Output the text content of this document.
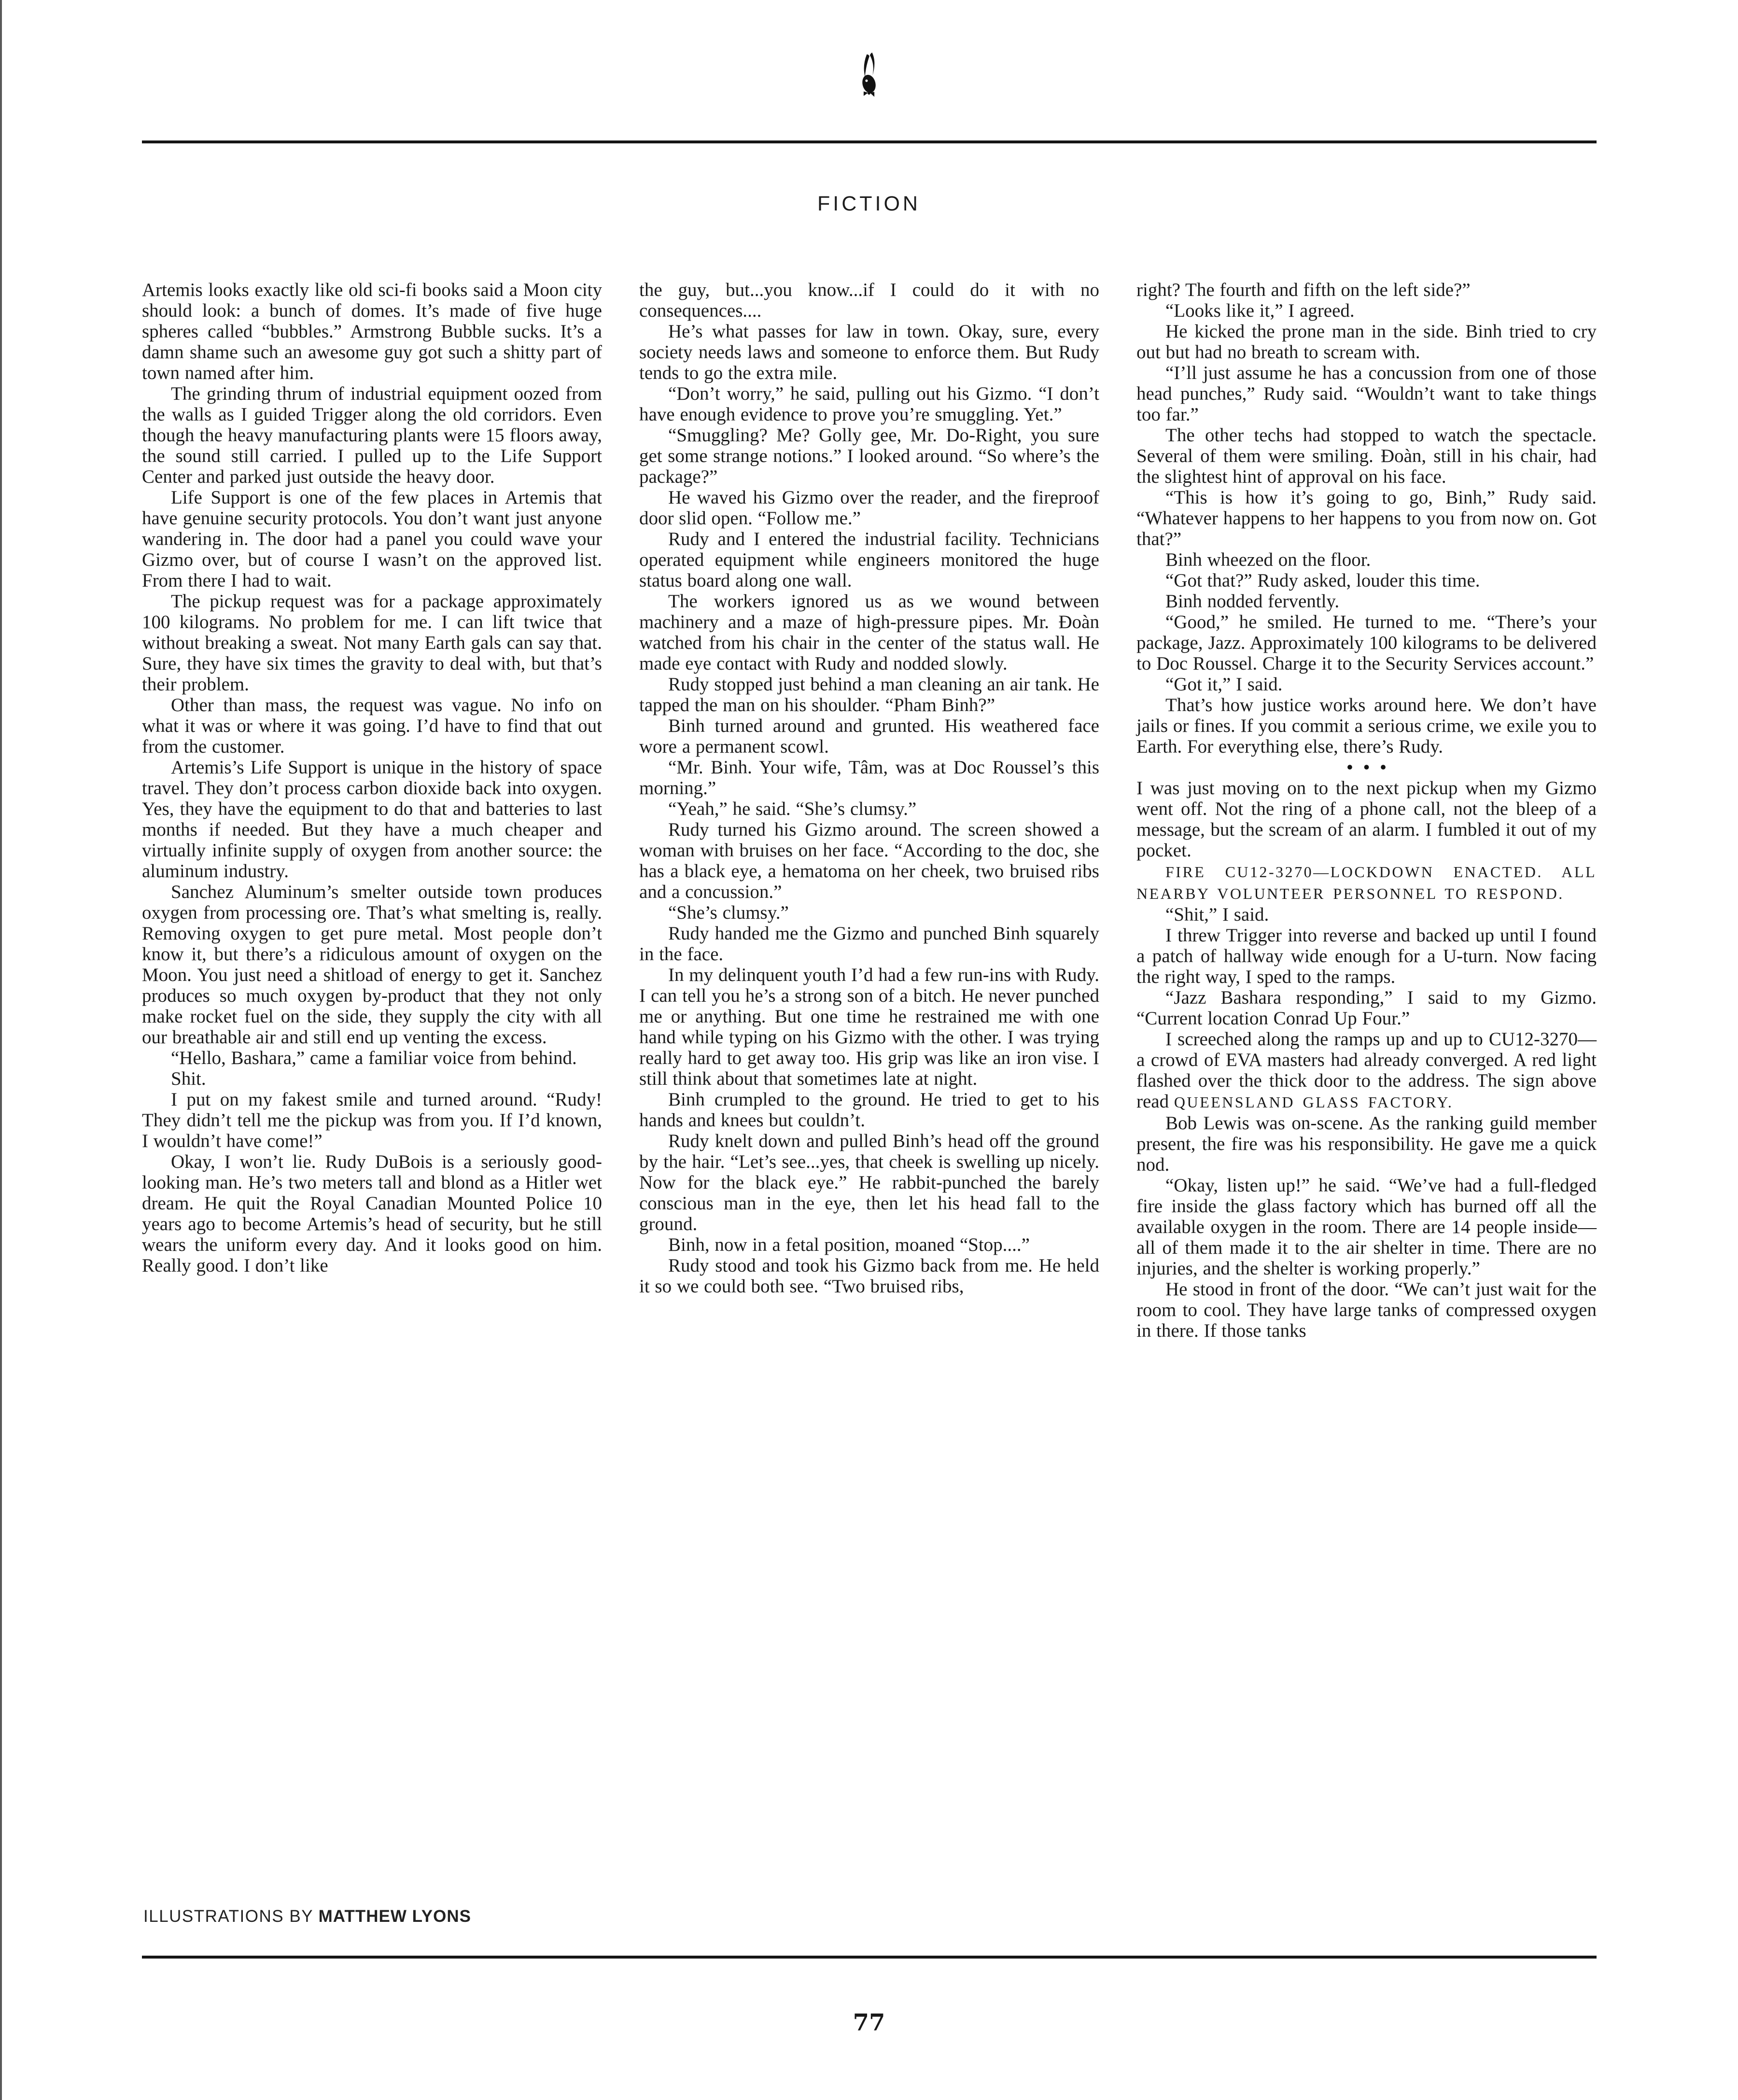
FICTION

Artemis looks exactly like old sci-fi books said a Moon city should look: a bunch of domes. It’s made of five huge spheres called “bubbles.” Armstrong Bubble sucks. It’s a damn shame such an awesome guy got such a shitty part of town named after him.

The grinding thrum of industrial equipment oozed from the walls as I guided Trigger along the old corridors. Even though the heavy manufacturing plants were 15 floors away, the sound still carried. I pulled up to the Life Support Center and parked just outside the heavy door.

Life Support is one of the few places in Artemis that have genuine security protocols. You don’t want just anyone wandering in. The door had a panel you could wave your Gizmo over, but of course I wasn’t on the approved list. From there I had to wait.

The pickup request was for a package approximately 100 kilograms. No problem for me. I can lift twice that without breaking a sweat. Not many Earth gals can say that. Sure, they have six times the gravity to deal with, but that’s their problem.

Other than mass, the request was vague. No info on what it was or where it was going. I’d have to find that out from the customer.

Artemis’s Life Support is unique in the history of space travel. They don’t process carbon dioxide back into oxygen. Yes, they have the equipment to do that and batteries to last months if needed. But they have a much cheaper and virtually infinite supply of oxygen from another source: the aluminum industry.

Sanchez Aluminum’s smelter outside town produces oxygen from processing ore. That’s what smelting is, really. Removing oxygen to get pure metal. Most people don’t know it, but there’s a ridiculous amount of oxygen on the Moon. You just need a shitload of energy to get it. Sanchez produces so much oxygen by-product that they not only make rocket fuel on the side, they supply the city with all our breathable air and still end up venting the excess.

“Hello, Bashara,” came a familiar voice from behind.

Shit.

I put on my fakest smile and turned around. “Rudy! They didn’t tell me the pickup was from you. If I’d known, I wouldn’t have come!”

Okay, I won’t lie. Rudy DuBois is a seriously good-looking man. He’s two meters tall and blond as a Hitler wet dream. He quit the Royal Canadian Mounted Police 10 years ago to become Artemis’s head of security, but he still wears the uniform every day. And it looks good on him. Really good. I don’t like

the guy, but...you know...if I could do it with no consequences....

He’s what passes for law in town. Okay, sure, every society needs laws and someone to enforce them. But Rudy tends to go the extra mile.

“Don’t worry,” he said, pulling out his Gizmo. “I don’t have enough evidence to prove you’re smuggling. Yet.”

“Smuggling? Me? Golly gee, Mr. Do-Right, you sure get some strange notions.” I looked around. “So where’s the package?”

He waved his Gizmo over the reader, and the fireproof door slid open. “Follow me.”

Rudy and I entered the industrial facility. Technicians operated equipment while engineers monitored the huge status board along one wall.

The workers ignored us as we wound between machinery and a maze of high-pressure pipes. Mr. Đoàn watched from his chair in the center of the status wall. He made eye contact with Rudy and nodded slowly.

Rudy stopped just behind a man cleaning an air tank. He tapped the man on his shoulder. “Pham Binh?”

Binh turned around and grunted. His weathered face wore a permanent scowl.

“Mr. Binh. Your wife, Tâm, was at Doc Roussel’s this morning.”

“Yeah,” he said. “She’s clumsy.”

Rudy turned his Gizmo around. The screen showed a woman with bruises on her face. “According to the doc, she has a black eye, a hematoma on her cheek, two bruised ribs and a concussion.”

“She’s clumsy.”

Rudy handed me the Gizmo and punched Binh squarely in the face.

In my delinquent youth I’d had a few run-ins with Rudy. I can tell you he’s a strong son of a bitch. He never punched me or anything. But one time he restrained me with one hand while typing on his Gizmo with the other. I was trying really hard to get away too. His grip was like an iron vise. I still think about that sometimes late at night.

Binh crumpled to the ground. He tried to get to his hands and knees but couldn’t.

Rudy knelt down and pulled Binh’s head off the ground by the hair. “Let’s see...yes, that cheek is swelling up nicely. Now for the black eye.” He rabbit-punched the barely conscious man in the eye, then let his head fall to the ground.

Binh, now in a fetal position, moaned “Stop....”

Rudy stood and took his Gizmo back from me. He held it so we could both see. “Two bruised ribs,

right? The fourth and fifth on the left side?”

“Looks like it,” I agreed.

He kicked the prone man in the side. Binh tried to cry out but had no breath to scream with.

“I’ll just assume he has a concussion from one of those head punches,” Rudy said. “Wouldn’t want to take things too far.”

The other techs had stopped to watch the spectacle. Several of them were smiling. Đoàn, still in his chair, had the slightest hint of approval on his face.

“This is how it’s going to go, Binh,” Rudy said. “Whatever happens to her happens to you from now on. Got that?”

Binh wheezed on the floor.

“Got that?” Rudy asked, louder this time.

Binh nodded fervently.

“Good,” he smiled. He turned to me. “There’s your package, Jazz. Approximately 100 kilograms to be delivered to Doc Roussel. Charge it to the Security Services account.”

“Got it,” I said.

That’s how justice works around here. We don’t have jails or fines. If you commit a serious crime, we exile you to Earth. For everything else, there’s Rudy.

•••

I was just moving on to the next pickup when my Gizmo went off. Not the ring of a phone call, not the bleep of a message, but the scream of an alarm. I fumbled it out of my pocket.

FIRE CU12-3270—LOCKDOWN ENACTED. ALL NEARBY VOLUNTEER PERSONNEL TO RESPOND.

“Shit,” I said.

I threw Trigger into reverse and backed up until I found a patch of hallway wide enough for a U-turn. Now facing the right way, I sped to the ramps.

“Jazz Bashara responding,” I said to my Gizmo. “Current location Conrad Up Four.”

I screeched along the ramps up and up to CU12-3270—a crowd of EVA masters had already converged. A red light flashed over the thick door to the address. The sign above read QUEENSLAND GLASS FACTORY.

Bob Lewis was on-scene. As the ranking guild member present, the fire was his responsibility. He gave me a quick nod.

“Okay, listen up!” he said. “We’ve had a full-fledged fire inside the glass factory which has burned off all the available oxygen in the room. There are 14 people inside—all of them made it to the air shelter in time. There are no injuries, and the shelter is working properly.”

He stood in front of the door. “We can’t just wait for the room to cool. They have large tanks of compressed oxygen in there. If those tanks

ILLUSTRATIONS BY MATTHEW LYONS
77
